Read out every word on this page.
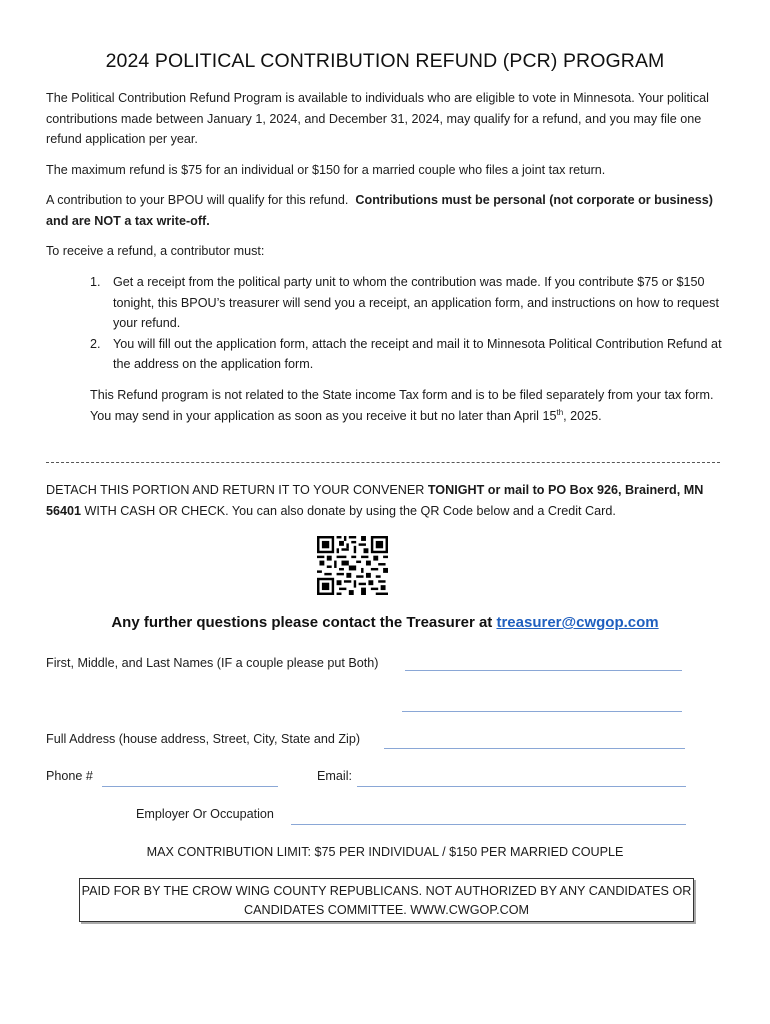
2024 POLITICAL CONTRIBUTION REFUND (PCR) PROGRAM
The Political Contribution Refund Program is available to individuals who are eligible to vote in Minnesota. Your political contributions made between January 1, 2024, and December 31, 2024, may qualify for a refund, and you may file one refund application per year.
The maximum refund is $75 for an individual or $150 for a married couple who files a joint tax return.
A contribution to your BPOU will qualify for this refund. Contributions must be personal (not corporate or business) and are NOT a tax write-off.
To receive a refund, a contributor must:
1. Get a receipt from the political party unit to whom the contribution was made. If you contribute $75 or $150 tonight, this BPOU’s treasurer will send you a receipt, an application form, and instructions on how to request your refund.
2. You will fill out the application form, attach the receipt and mail it to Minnesota Political Contribution Refund at the address on the application form.
This Refund program is not related to the State income Tax form and is to be filed separately from your tax form. You may send in your application as soon as you receive it but no later than April 15th, 2025.
DETACH THIS PORTION AND RETURN IT TO YOUR CONVENER TONIGHT or mail to PO Box 926, Brainerd, MN 56401 WITH CASH OR CHECK. You can also donate by using the QR Code below and a Credit Card.
Any further questions please contact the Treasurer at treasurer@cwgop.com
First, Middle, and Last Names (IF a couple please put Both)
Full Address (house address, Street, City, State and Zip)
Phone #	Email:
Employer Or Occupation
MAX CONTRIBUTION LIMIT: $75 PER INDIVIDUAL / $150 PER MARRIED COUPLE
PAID FOR BY THE CROW WING COUNTY REPUBLICANS. NOT AUTHORIZED BY ANY CANDIDATES OR CANDIDATES COMMITTEE. WWW.CWGOP.COM
